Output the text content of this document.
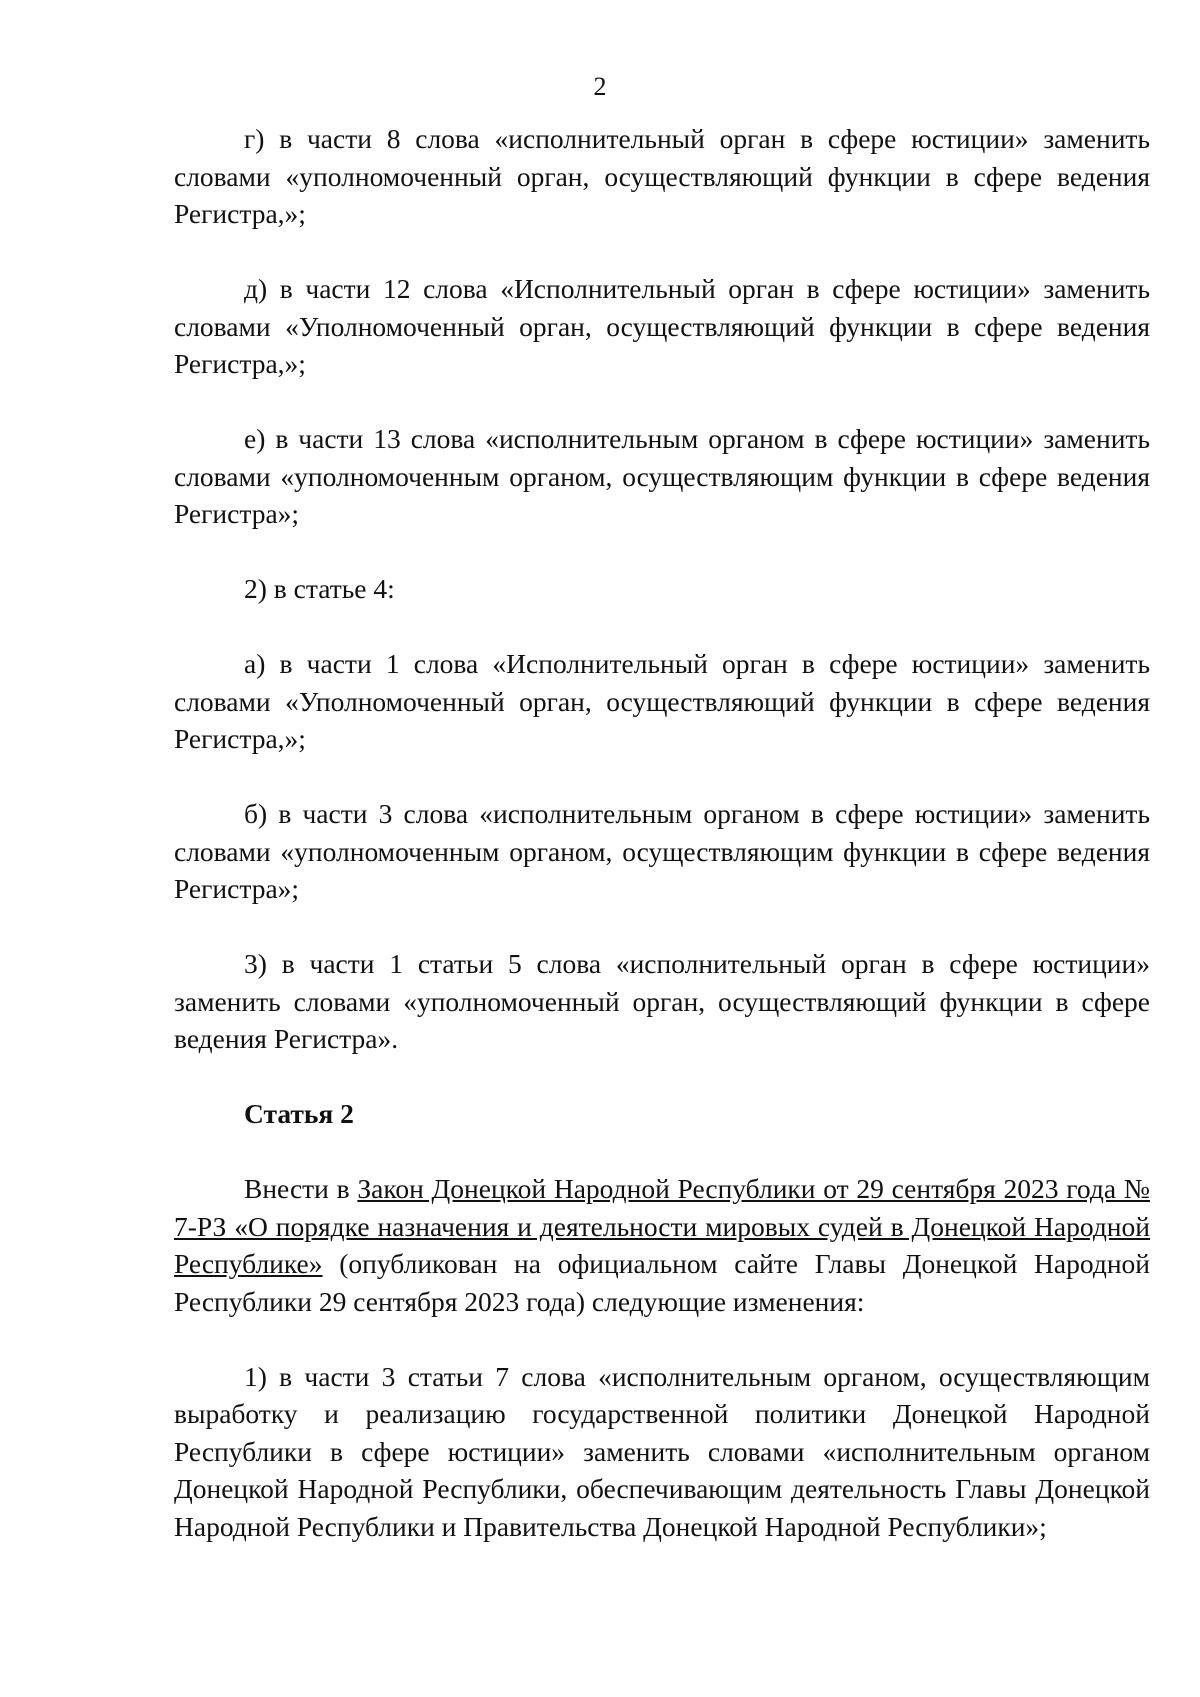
2

г) в части 8 слова «исполнительный орган в сфере юстиции» заменить словами «уполномоченный орган, осуществляющий функции в сфере ведения Регистра,»;

д) в части 12 слова «Исполнительный орган в сфере юстиции» заменить словами «Уполномоченный орган, осуществляющий функции в сфере ведения Регистра,»;

е) в части 13 слова «исполнительным органом в сфере юстиции» заменить словами «уполномоченным органом, осуществляющим функции в сфере ведения Регистра»;

2) в статье 4:

а) в части 1 слова «Исполнительный орган в сфере юстиции» заменить словами «Уполномоченный орган, осуществляющий функции в сфере ведения Регистра,»;

б) в части 3 слова «исполнительным органом в сфере юстиции» заменить словами «уполномоченным органом, осуществляющим функции в сфере ведения Регистра»;

3) в части 1 статьи 5 слова «исполнительный орган в сфере юстиции» заменить словами «уполномоченный орган, осуществляющий функции в сфере ведения Регистра».

Статья 2

Внести в Закон Донецкой Народной Республики от 29 сентября 2023 года № 7-РЗ «О порядке назначения и деятельности мировых судей в Донецкой Народной Республике» (опубликован на официальном сайте Главы Донецкой Народной Республики 29 сентября 2023 года) следующие изменения:

1) в части 3 статьи 7 слова «исполнительным органом, осуществляющим выработку и реализацию государственной политики Донецкой Народной Республики в сфере юстиции» заменить словами «исполнительным органом Донецкой Народной Республики, обеспечивающим деятельность Главы Донецкой Народной Республики и Правительства Донецкой Народной Республики»;
